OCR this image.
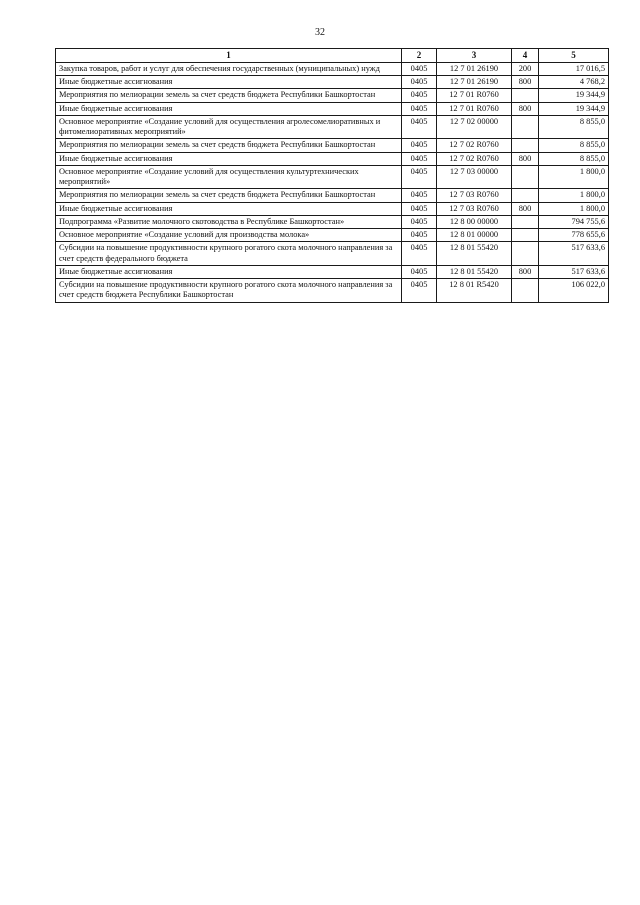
32
1	2	3	4	5
Закупка товаров, работ и услуг для обеспечения государственных (муниципальных) нужд	0405	12 7 01 26190	200	17 016,5
Иные бюджетные ассигнования	0405	12 7 01 26190	800	4 768,2
Мероприятия по мелиорации земель за счет средств бюджета Республики Башкортостан	0405	12 7 01 R0760		19 344,9
Иные бюджетные ассигнования	0405	12 7 01 R0760	800	19 344,9
Основное мероприятие «Создание условий для осуществления агролесомелиоративных и фитомелиоративных мероприятий»	0405	12 7 02 00000		8 855,0
Мероприятия по мелиорации земель за счет средств бюджета Республики Башкортостан	0405	12 7 02 R0760		8 855,0
Иные бюджетные ассигнования	0405	12 7 02 R0760	800	8 855,0
Основное мероприятие «Создание условий для осуществления культуртехнических мероприятий»	0405	12 7 03 00000		1 800,0
Мероприятия по мелиорации земель за счет средств бюджета Республики Башкортостан	0405	12 7 03 R0760		1 800,0
Иные бюджетные ассигнования	0405	12 7 03 R0760	800	1 800,0
Подпрограмма «Развитие молочного скотоводства в Республике Башкортостан»	0405	12 8 00 00000		794 755,6
Основное мероприятие «Создание условий для производства молока»	0405	12 8 01 00000		778 655,6
Субсидии на повышение продуктивности крупного рогатого скота молочного направления за счет средств федерального бюджета	0405	12 8 01 55420		517 633,6
Иные бюджетные ассигнования	0405	12 8 01 55420	800	517 633,6
Субсидии на повышение продуктивности крупного рогатого скота молочного направления за счет средств бюджета Республики Башкортостан	0405	12 8 01 R5420		106 022,0
